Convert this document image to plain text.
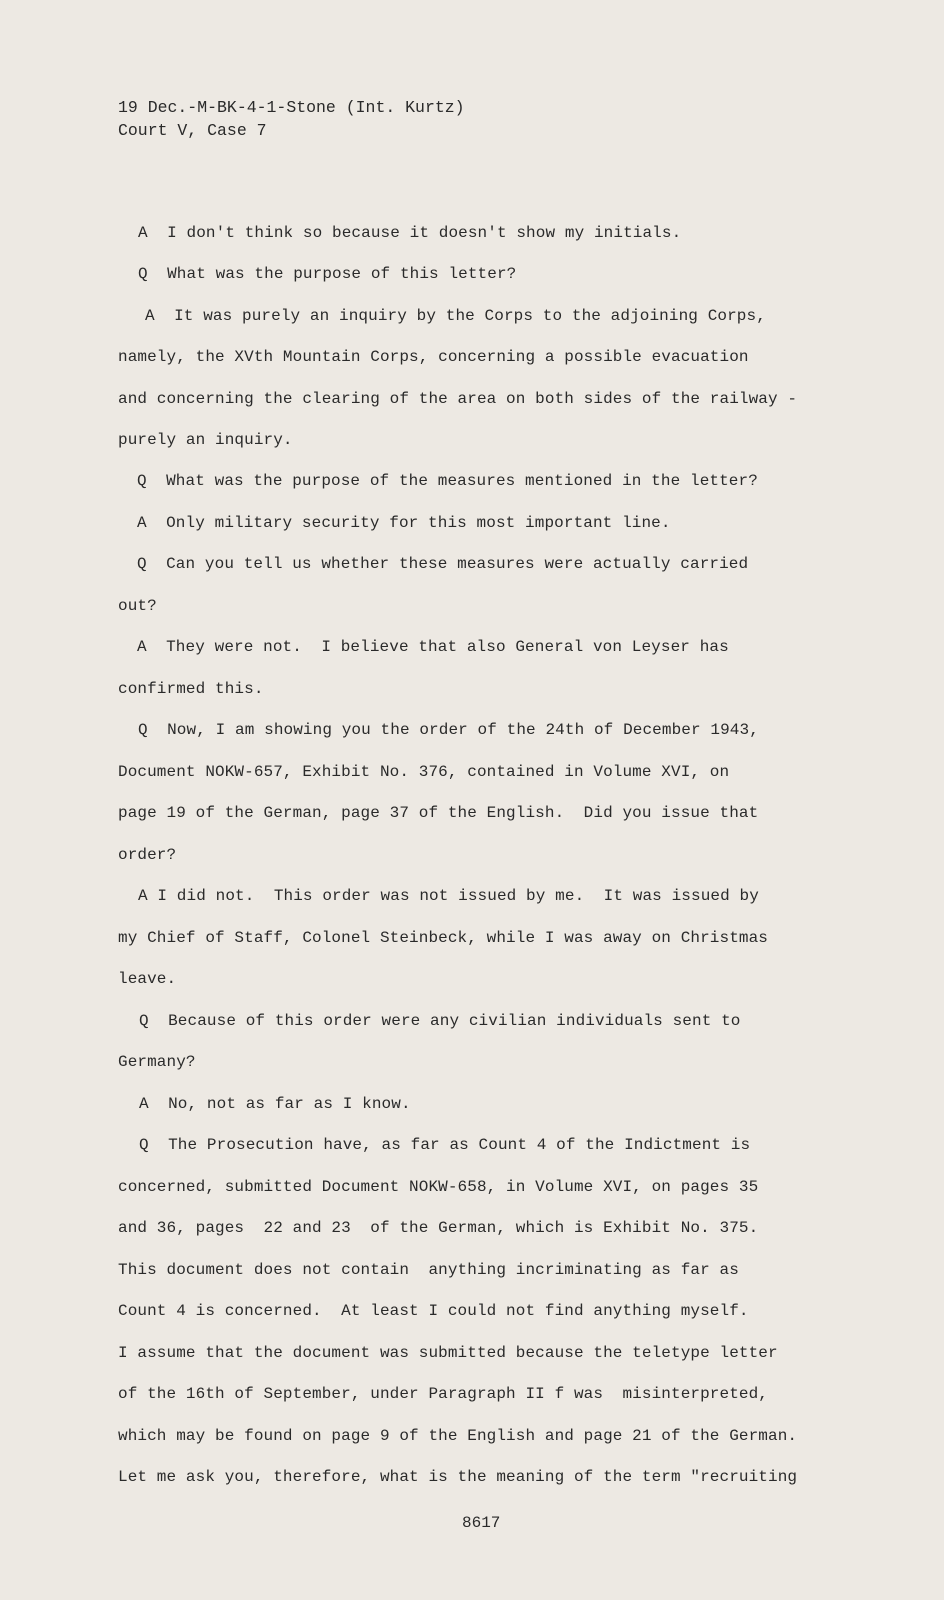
19 Dec.-M-BK-4-1-Stone (Int. Kurtz)
Court V, Case 7
A  I don't think so because it doesn't show my initials.
Q  What was the purpose of this letter?
A  It was purely an inquiry by the Corps to the adjoining Corps,
namely, the XVth Mountain Corps, concerning a possible evacuation
and concerning the clearing of the area on both sides of the railway -
purely an inquiry.
Q  What was the purpose of the measures mentioned in the letter?
A  Only military security for this most important line.
Q  Can you tell us whether these measures were actually carried
out?
A  They were not.  I believe that also General von Leyser has
confirmed this.
Q  Now, I am showing you the order of the 24th of December 1943,
Document NOKW-657, Exhibit No. 376, contained in Volume XVI, on
page 19 of the German, page 37 of the English.  Did you issue that
order?
A I did not.  This order was not issued by me.  It was issued by
my Chief of Staff, Colonel Steinbeck, while I was away on Christmas
leave.
Q  Because of this order were any civilian individuals sent to
Germany?
A  No, not as far as I know.
Q  The Prosecution have, as far as Count 4 of the Indictment is
concerned, submitted Document NOKW-658, in Volume XVI, on pages 35
and 36, pages  22 and 23  of the German, which is Exhibit No. 375.
This document does not contain  anything incriminating as far as
Count 4 is concerned.  At least I could not find anything myself.
I assume that the document was submitted because the teletype letter
of the 16th of September, under Paragraph II f was  misinterpreted,
which may be found on page 9 of the English and page 21 of the German.
Let me ask you, therefore, what is the meaning of the term "recruiting
8617
